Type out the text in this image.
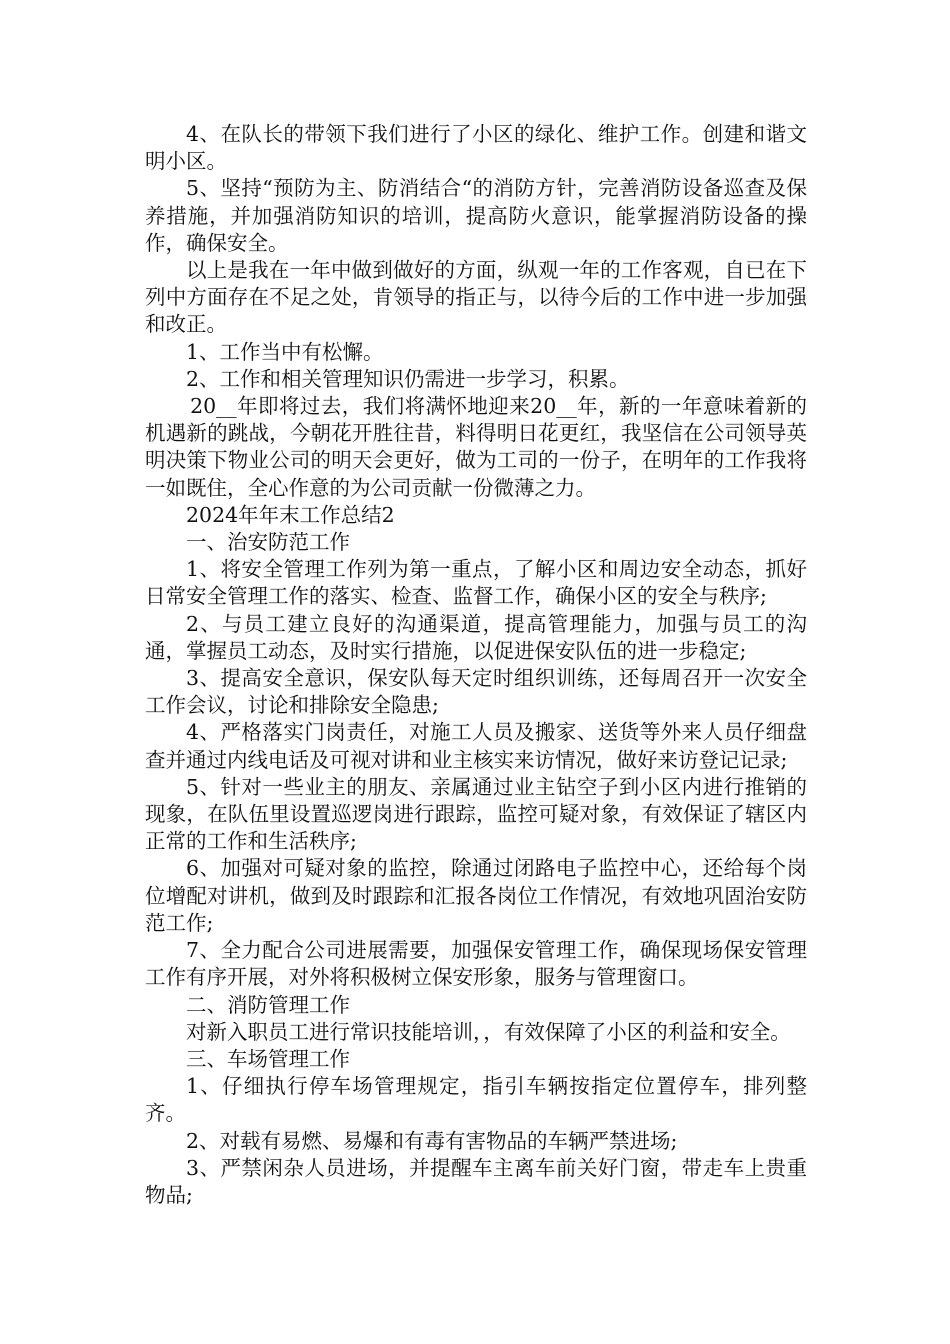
4、在队长的带领下我们进行了小区的绿化、维护工作。创建和谐文明小区。

5、坚持“预防为主、防消结合“的消防方针，完善消防设备巡查及保养措施，并加强消防知识的培训，提高防火意识，能掌握消防设备的操作，确保安全。

以上是我在一年中做到做好的方面，纵观一年的工作客观，自已在下列中方面存在不足之处，肯领导的指正与，以待今后的工作中进一步加强和改正。

1、工作当中有松懈。

2、工作和相关管理知识仍需进一步学习，积累。

20__年即将过去，我们将满怀地迎来20__年，新的一年意味着新的机遇新的跳战，今朝花开胜往昔，料得明日花更红，我坚信在公司领导英明决策下物业公司的明天会更好，做为工司的一份子，在明年的工作我将一如既住，全心作意的为公司贡献一份微薄之力。

2024年年末工作总结2

一、治安防范工作

1、将安全管理工作列为第一重点，了解小区和周边安全动态，抓好日常安全管理工作的落实、检查、监督工作，确保小区的安全与秩序;

2、与员工建立良好的沟通渠道，提高管理能力，加强与员工的沟通，掌握员工动态，及时实行措施，以促进保安队伍的进一步稳定;

3、提高安全意识，保安队每天定时组织训练，还每周召开一次安全工作会议，讨论和排除安全隐患;

4、严格落实门岗责任，对施工人员及搬家、送货等外来人员仔细盘查并通过内线电话及可视对讲和业主核实来访情况，做好来访登记记录;

5、针对一些业主的朋友、亲属通过业主钻空子到小区内进行推销的现象，在队伍里设置巡逻岗进行跟踪，监控可疑对象，有效保证了辖区内正常的工作和生活秩序;

6、加强对可疑对象的监控，除通过闭路电子监控中心，还给每个岗位增配对讲机，做到及时跟踪和汇报各岗位工作情况，有效地巩固治安防范工作;

7、全力配合公司进展需要，加强保安管理工作，确保现场保安管理工作有序开展，对外将积极树立保安形象，服务与管理窗口。

二、消防管理工作

对新入职员工进行常识技能培训，，有效保障了小区的利益和安全。

三、车场管理工作

1、仔细执行停车场管理规定，指引车辆按指定位置停车，排列整齐。

2、对载有易燃、易爆和有毒有害物品的车辆严禁进场;

3、严禁闲杂人员进场，并提醒车主离车前关好门窗，带走车上贵重物品;
